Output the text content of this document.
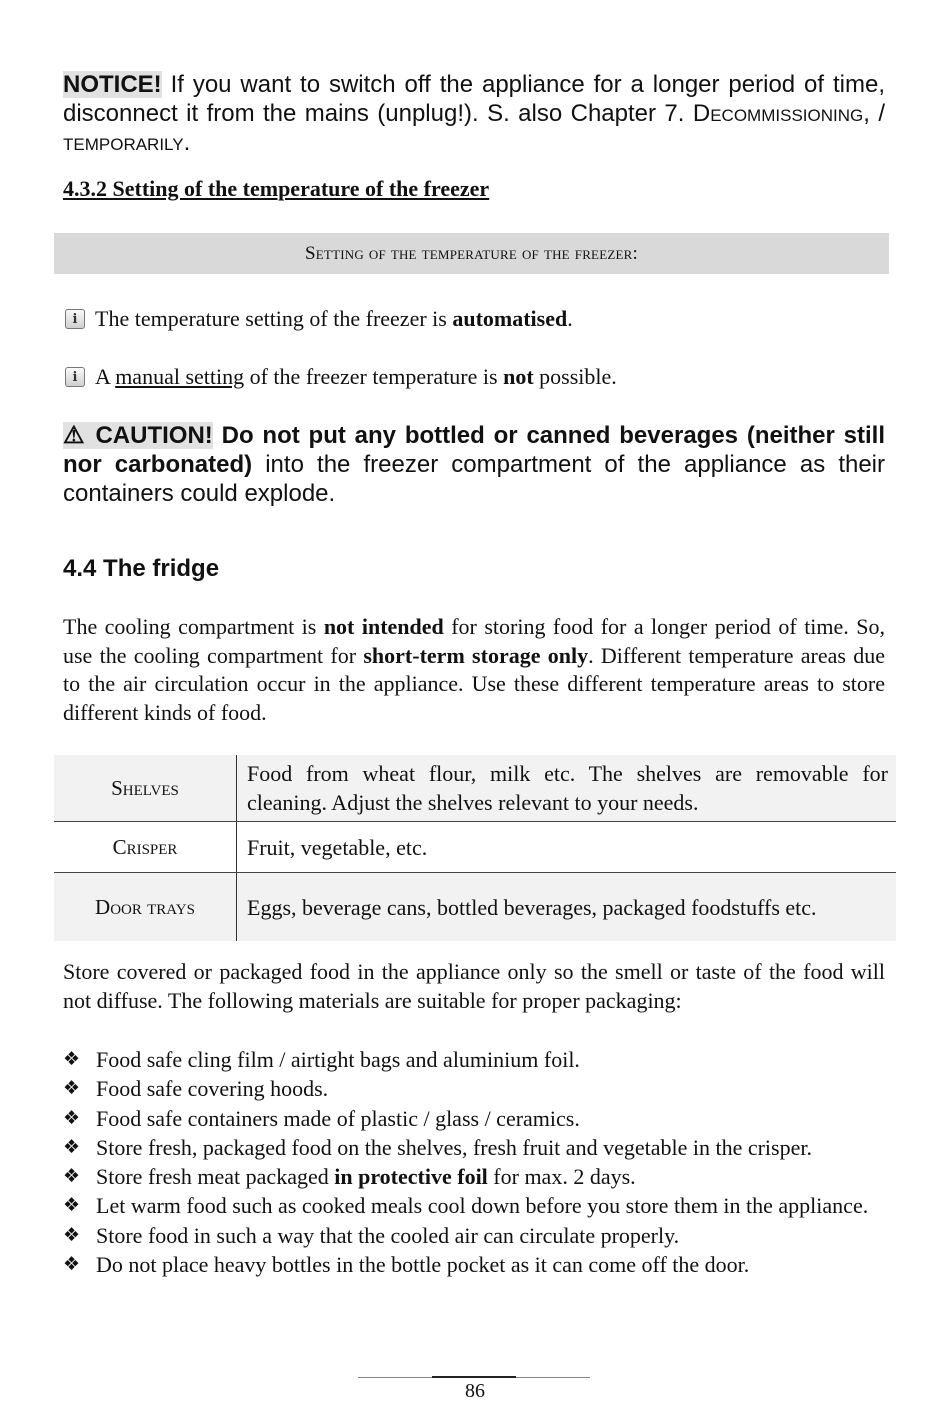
NOTICE! If you want to switch off the appliance for a longer period of time, disconnect it from the mains (unplug!). S. also Chapter 7. Decommissioning, / temporarily.
4.3.2 Setting of the temperature of the freezer
Setting of the temperature of the freezer:
i The temperature setting of the freezer is automatised.
i A manual setting of the freezer temperature is not possible.
⚠ CAUTION! Do not put any bottled or canned beverages (neither still nor carbonated) into the freezer compartment of the appliance as their containers could explode.
4.4 The fridge
The cooling compartment is not intended for storing food for a longer period of time. So, use the cooling compartment for short-term storage only. Different temperature areas due to the air circulation occur in the appliance. Use these different temperature areas to store different kinds of food.
Shelves	Food from wheat flour, milk etc. The shelves are removable for cleaning. Adjust the shelves relevant to your needs.
Crisper	Fruit, vegetable, etc.
Door trays	Eggs, beverage cans, bottled beverages, packaged foodstuffs etc.
Store covered or packaged food in the appliance only so the smell or taste of the food will not diffuse. The following materials are suitable for proper packaging:
❖ Food safe cling film / airtight bags and aluminium foil.
❖ Food safe covering hoods.
❖ Food safe containers made of plastic / glass / ceramics.
❖ Store fresh, packaged food on the shelves, fresh fruit and vegetable in the crisper.
❖ Store fresh meat packaged in protective foil for max. 2 days.
❖ Let warm food such as cooked meals cool down before you store them in the appliance.
❖ Store food in such a way that the cooled air can circulate properly.
❖ Do not place heavy bottles in the bottle pocket as it can come off the door.
86
